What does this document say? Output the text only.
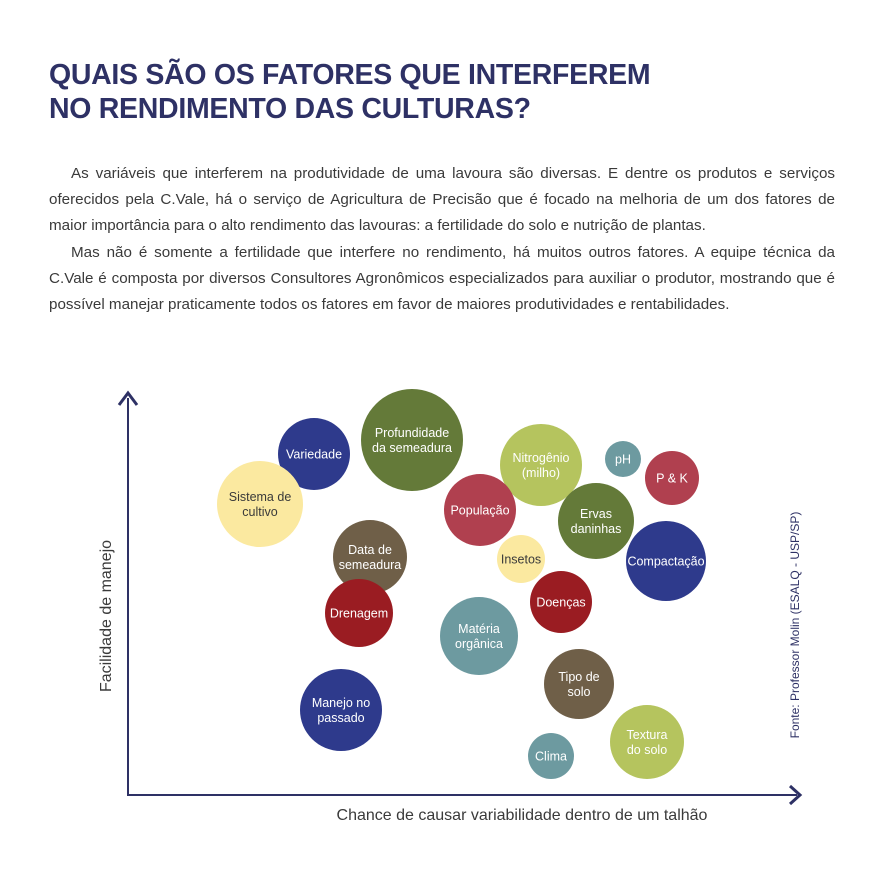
QUAIS SÃO OS FATORES QUE INTERFEREM
NO RENDIMENTO DAS CULTURAS?

As variáveis que interferem na produtividade de uma lavoura são diversas. E dentre os produtos e serviços oferecidos pela C.Vale, há o serviço de Agricultura de Precisão que é focado na melhoria de um dos fatores de maior importância para o alto rendimento das lavouras: a fertilidade do solo e nutrição de plantas.

Mas não é somente a fertilidade que interfere no rendimento, há muitos outros fatores. A equipe técnica da C.Vale é composta por diversos Consultores Agronômicos especializados para auxiliar o produtor, mostrando que é possível manejar praticamente todos os fatores em favor de maiores produtividades e rentabilidades.

Facilidade de manejo
Chance de causar variabilidade dentro de um talhão
Fonte: Professor Molin (ESALQ - USP/SP)
Variedade
Profundidade
da semeadura
Sistema de
cultivo
Nitrogênio
(milho)
pH
P & K
População	Ervas
daninhas
Data de
semeadura	Insetos	Compactação
Drenagem
Doenças
Matéria
orgânica
Tipo de
solo
Manejo no
passado
Textura
do solo
Clima
